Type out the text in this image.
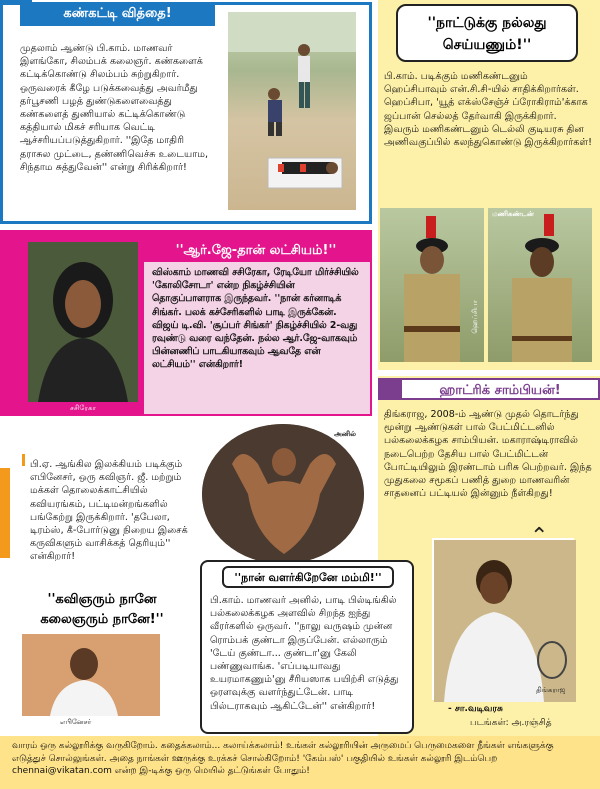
கண்கட்டி வித்தை!
முதலாம் ஆண்டு பி.காம். மாணவர் இளங்கோ, சிலம்பக் கலைஞர். கண்களைக் கட்டிக்கொண்டு சிலம்பம் சுற்றுகிறார். ஒருவரைக் கீழே படுக்கவைத்து அவர்மீது தர்பூசணி பழத் துண்டுகளைவைத்து கண்களைத் துணியால் கட்டிக்கொண்டு கத்தியால் மிகச் சரியாக வெட்டி ஆச்சரியப்படுத்துகிறார். ''இதே மாதிரி தராசுல முட்டை, தண்ணிவெச்சு உடையாம, சிந்தாம சுத்துவேன்'' என்று சிரிக்கிறார்!
''நாட்டுக்கு நல்லது செய்யணும்!''
பி.காம். படிக்கும் மணிகண்டனும் ஹெப்சிபாவும் என்.சி.சி-யில் சாதிக்கிறார்கள். ஹெப்சிபா, 'யூத் எக்ஸ்சேஞ்ச் ப்ரோகிராம்'க்காக ஜப்பான் செல்லத் தேர்வாகி இருக்கிறார். இவரும் மணிகண்டனும் டெல்லி குடியரசு தின அணிவகுப்பில் கலந்துகொண்டு இருக்கிறார்கள்!
ஹெப்சிபா
மணிகண்டன்
சசிரேகா
''ஆர்.ஜே-தான் லட்சியம்!''
விஸ்காம் மாணவி சசிரேகா, ரேடியோ மிர்ச்சியில் 'கோலிசோடா' என்ற நிகழ்ச்சியின் தொகுப்பாளராக இருந்தவர். ''நான் கர்னாடிக் சிங்கர். பலக் கச்சேரிகளில் பாடி இருக்கேன். விஜய் டி.வி. 'சூப்பர் சிங்கர்' நிகழ்ச்சியில் 2-வது ரவுண்டு வரை வந்தேன். நல்ல ஆர்.ஜே-வாகவும் பின்னணிப் பாடகியாகவும் ஆவதே என் லட்சியம்'' என்கிறார்!
ஹாட்ரிக் சாம்பியன்!
திங்கராஜ, 2008-ம் ஆண்டு முதல் தொடர்ந்து மூன்று ஆண்டுகள் பால் பேட்மிட்டனில் பல்கலைக்கழக சாம்பியன். மகாராஷ்டிராவில் நடைபெற்ற தேசிய பால் பேட்மிட்டன் போட்டியிலும் இரண்டாம் பரிசு பெற்றவர். இந்த முதுகலை சமூகப் பணித் துறை மாணவரின் சாதனைப் பட்டியல் இன்னும் நீள்கிறது!
திங்கராஜ
⌃
- சா.வடிவரசு
படங்கள்: அ.ரஞ்சித்
பி.ஏ. ஆங்கில இலக்கியம் படிக்கும் எபினேசர், ஒரு கவிஞர். ஜீ. மற்றும் மக்கள் தொலைக்காட்சியில் கவியரங்கம், பட்டிமன்றங்களில் பங்கேற்று இருக்கிறார். 'தபேலா, டிரம்ஸ், கீ-போர்டுனு நிறைய இசைக் கருவிகளும் வாசிக்கத் தெரியும்'' என்கிறார்!
''கவிஞரும் நானே கலைஞரும் நானே!''
எபினேசர்
அனில்
''நான் வளர்கிறேனே மம்மி!''
பி.காம். மாணவர் அனில், பாடி பில்டிங்கில் பல்கலைக்கழக அளவில் சிறந்த ஐந்து வீரர்களில் ஒருவர். ''நாலு வருஷம் முன்ன ரொம்பக் குண்டா இருப்பேன். எல்லாரும் 'டேய் குண்டா... குண்டா'னு கேலி பண்ணுவாங்க. 'எப்படியாவது உயரமாகணும்'னு சீரியஸாக பயிற்சி எடுத்து ஒரளவுக்கு வளர்ந்துட்டேன். பாடி பில்டராகவும் ஆகிட்டேன்'' என்கிறார்!
வாரம் ஒரு கல்லூரிக்கு வருகிறோம். கதைக்கலாம்... கலாய்க்கலாம்! உங்கள் கல்லூரியின் அருமைப் பெருமைகளை நீங்கள் எங்களுக்கு எடுத்துச் சொல்லுங்கள். அதை நாங்கள் ஊருக்கு உரக்கச் சொல்கிறோம்! 'கேம்பஸ்' பகுதியில் உங்கள் கல்லூரி இடம்பெற chennai@vikatan.com என்ற இ-டிக்கு ஒரு மெயில் தட்டுங்கள் போதும்!
